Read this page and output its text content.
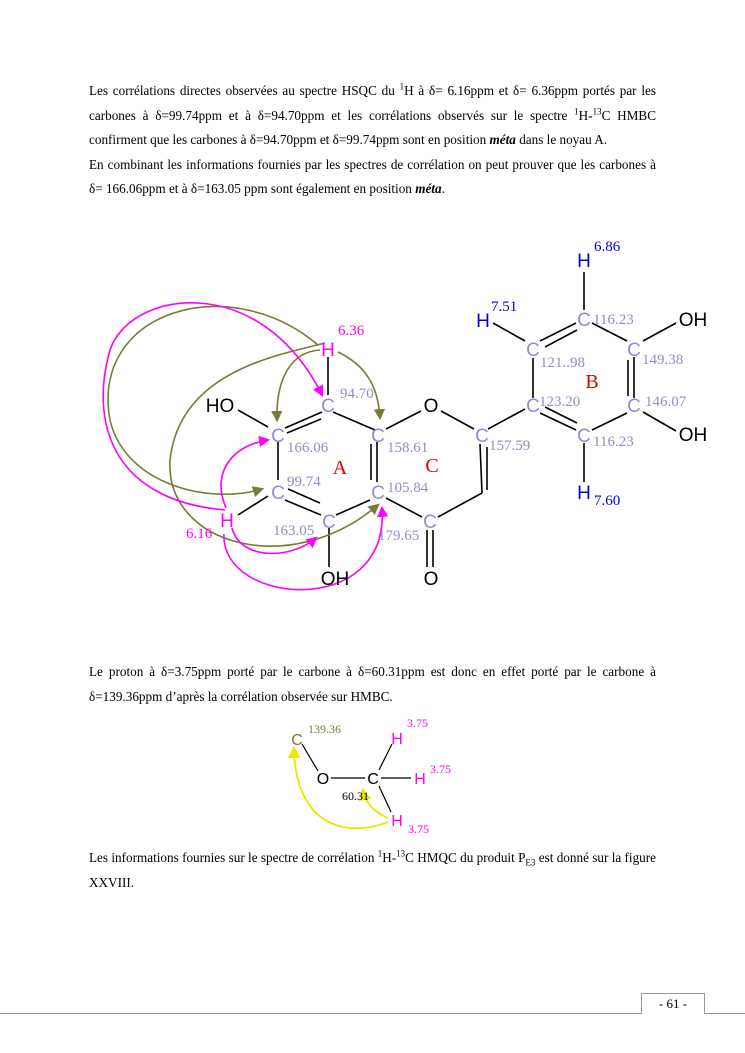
Les corrélations directes observées au spectre HSQC du $^1$H à δ= 6.16ppm et δ= 6.36ppm portés par les carbones à δ=99.74ppm et à δ=94.70ppm et les corrélations observés sur le spectre $^1$H-$^{13}$C HMBC confirment que les carbones à δ=94.70ppm et δ=99.74ppm sont en position méta dans le noyau A.

En combinant les informations fournies par les spectres de corrélation on peut prouver que les carbones à δ= 166.06ppm et à δ=163.05 ppm sont également en position méta.

C
C
C
C
C
C
C
C
C
C
C
C
C
C
O
O
HO
OH
OH
OH
H
H
H
H
H
6.36
6.16
7.51
6.86
7.60
94.70
166.06
99.74
163.05
158.61
105.84
179.65
157.59
123.20
121..98
116.23
149.38
146.07
116.23
A
B
C
C
O C
H
H
H
139.36
60.31
3.75
3.75
3.75

Le proton à δ=3.75ppm porté par le carbone à δ=60.31ppm est donc en effet porté par le carbone à δ=139.36ppm d’après la corrélation observée sur HMBC.

Les informations fournies sur le spectre de corrélation $^1$H-$^{13}$C HMQC du produit $P_{E3}$ est donné sur la figure XXVIII.

- 61 -
